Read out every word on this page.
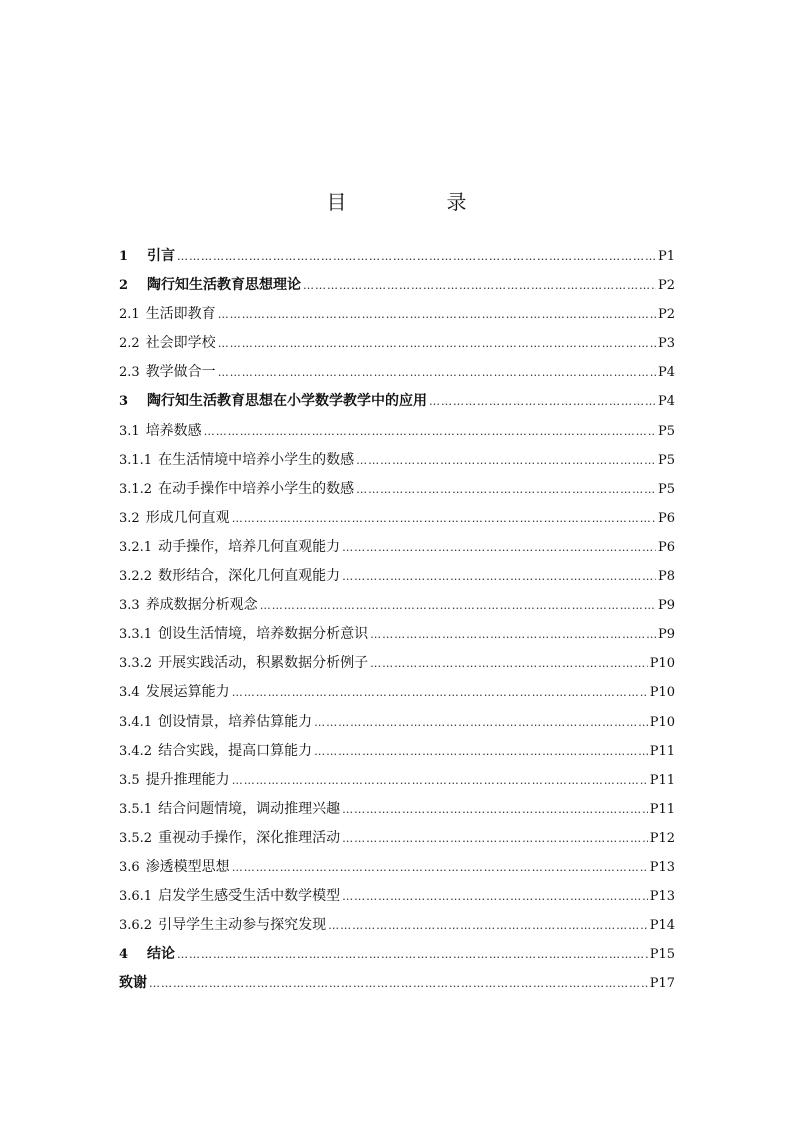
目　录
1	引言 ……………………………………………………………………………………………………………………………………………………………	P1
2	陶行知生活教育思想理论 ……………………………………………………………………………………………………………………………………………………………	P2
2.1 生活即教育 ……………………………………………………………………………………………………………………………………………………………	P2
2.2 社会即学校 ……………………………………………………………………………………………………………………………………………………………	P3
2.3 教学做合一 ……………………………………………………………………………………………………………………………………………………………	P4
3	陶行知生活教育思想在小学数学教学中的应用 ……………………………………………………………………………………………………………………………………………………………	P4
3.1 培养数感 ……………………………………………………………………………………………………………………………………………………………	P5
3.1.1 在生活情境中培养小学生的数感 ……………………………………………………………………………………………………………………………………………………………	P5
3.1.2 在动手操作中培养小学生的数感 ……………………………………………………………………………………………………………………………………………………………	P5
3.2 形成几何直观 ……………………………………………………………………………………………………………………………………………………………	P6
3.2.1 动手操作，培养几何直观能力 ……………………………………………………………………………………………………………………………………………………………	P6
3.2.2 数形结合，深化几何直观能力 ……………………………………………………………………………………………………………………………………………………………	P8
3.3 养成数据分析观念 ……………………………………………………………………………………………………………………………………………………………	P9
3.3.1 创设生活情境，培养数据分析意识 ……………………………………………………………………………………………………………………………………………………………	P9
3.3.2 开展实践活动，积累数据分析例子 ……………………………………………………………………………………………………………………………………………………………	P10
3.4 发展运算能力 ……………………………………………………………………………………………………………………………………………………………	P10
3.4.1 创设情景，培养估算能力 ……………………………………………………………………………………………………………………………………………………………	P10
3.4.2 结合实践，提高口算能力 ……………………………………………………………………………………………………………………………………………………………	P11
3.5 提升推理能力 ……………………………………………………………………………………………………………………………………………………………	P11
3.5.1 结合问题情境，调动推理兴趣 ……………………………………………………………………………………………………………………………………………………………	P11
3.5.2 重视动手操作，深化推理活动 ……………………………………………………………………………………………………………………………………………………………	P12
3.6 渗透模型思想 ……………………………………………………………………………………………………………………………………………………………	P13
3.6.1 启发学生感受生活中数学模型 ……………………………………………………………………………………………………………………………………………………………	P13
3.6.2 引导学生主动参与探究发现 ……………………………………………………………………………………………………………………………………………………………	P14
4	结论 ……………………………………………………………………………………………………………………………………………………………	P15
致谢 ……………………………………………………………………………………………………………………………………………………………	P17
